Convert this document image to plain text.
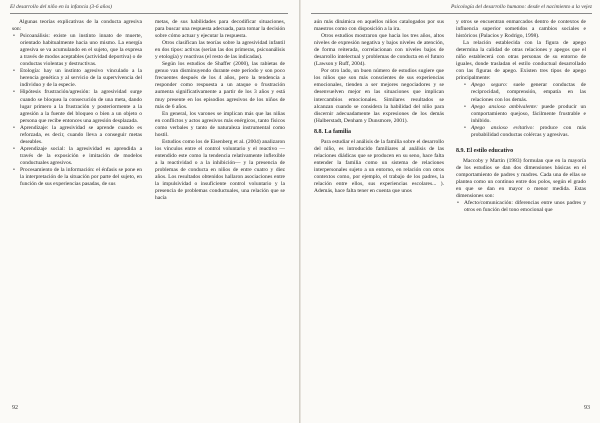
El desarrollo del niño en la infancia (3-6 años)

Algunas teorías explicativas de la conducta agresiva son:

• Psicoanálisis: existe un instinto innato de muerte, orientado habitualmente hacia uno mismo. La energía agresiva se va acumulando en el sujeto, que la expresa a través de modos aceptables (actividad deportiva) o de conductas violentas y destructivas.
• Etología: hay un instinto agresivo vinculado a la herencia genética y al servicio de la supervivencia del individuo y de la especie.
• Hipótesis frustración/agresión: la agresividad surge cuando se bloquea la consecución de una meta, dando lugar primero a la frustración y posteriormente a la agresión a la fuente del bloqueo o bien a un objeto o persona que recibe entonces una agresión desplazada.
• Aprendizaje: la agresividad se aprende cuando es reforzada, es decir, cuando lleva a conseguir metas deseables.
• Aprendizaje social: la agresividad es aprendida a través de la exposición e imitación de modelos conductuales agresivos.
• Procesamiento de la información: el énfasis se pone en la interpretación de la situación por parte del sujeto, en función de sus experiencias pasadas, de sus

metas, de sus habilidades para decodificar situaciones, para buscar una respuesta adecuada, para tomar la decisión sobre cómo actuar y ejecutar la respuesta.

Otros clasifican las teorías sobre la agresividad infantil en dos tipos: activas (serían las dos primeras, psicoanálisis y etología) y reactivas (el resto de las indicadas).

Según los estudios de Shaffer (2000), las rabietas de genuo van disminuyendo durante este período y son poco frecuentes después de los 4 años, pero la tendencia a responder como respuesta a un ataque o frustración aumenta significativamente a partir de los 3 años y está muy presente en los episodios agresivos de los niños de más de 6 años.

En general, los varones se implican más que las niñas en conflictos y actos agresivos más enérgicos, tanto físicos como verbales y tanto de naturaleza instrumental como hostil.

Estudios como los de Eisenberg et al. (2004) analizaron los vínculos entre el control voluntario y el reactivo —entendido este como la tendencia relativamente inflexible a la reactividad o a la inhibición— y la presencia de problemas de conducta en niños de entre cuatro y diez años. Los resultados obtenidos hallaron asociaciones entre la impulsividad o insuficiente control voluntario y la presencia de problemas conductuales, una relación que se hacía

92
Psicología del desarrollo humano: desde el nacimiento a la vejez

aún más dinámica en aquellos niños catalogados por sus maestros como con disposición a la ira.

Otros estudios mostraron que hacia los tres años, altos niveles de expresión negativa y bajos niveles de atención, de forma reiterada, correlacionan con niveles bajos de desarrollo intelectual y problemas de conducta en el futuro (Lawson y Ruff, 2004).

Por otro lado, un buen número de estudios sugiere que los niños que son más conscientes de sus experiencias emocionales, tienden a ser mejores negociadores y se desenvuelven mejor en las situaciones que implican intercambios emocionales. Similares resultados se alcanzan cuando se considera la habilidad del niño para discernir adecuadamente las expresiones de los demás (Halberstadt, Denham y Dunsmore, 2001).

8.8. La familia

Para estudiar el análisis de la familia sobre el desarrollo del niño, es introducido familiares al análisis de las relaciones diádicas que se producen en su seno, hace falta entender la familia como un sistema de relaciones interpersonales sujeto a un entorno, en relación con otros contextos como, por ejemplo, el trabajo de los padres, la relación entre ellos, sus experiencias escolares... ). Además, hace falta tener en cuenta que unos

y otros se encuentran enmarcados dentro de contextos de influencia superior sometidos a cambios sociales e históricos (Palacios y Rodrigo, 1998).

La relación establecida con la figura de apego determina la calidad de otras relaciones y apegos que el niño establecerá con otras personas de su entorno de iguales, donde trasladan el estilo conductual desarrollado con las figuras de apego. Existen tres tipos de apego principalmente:

• Apego seguro: suele generar conductas de reciprocidad, comprensión, empatía en las relaciones con los demás.
• Apego ansioso ambivalente: puede producir un comportamiento quejoso, fácilmente frustrable e inhibido.
• Apego ansioso evitativo: produce con más probabilidad conductas colércas y agresivas.
8.9. El estilo educativo

Maccoby y Martin (1983) formulan que en la mayoría de los estudios se dan dos dimensiones básicas en el comportamiento de padres y madres. Cada una de ellas se plantea como un continuo entre dos polos, según el grado en que se dan en mayor o menor medida. Estas dimensiones son:

• Afecto/comunicación: diferencias entre unos padres y otros en función del tono emocional que
93
